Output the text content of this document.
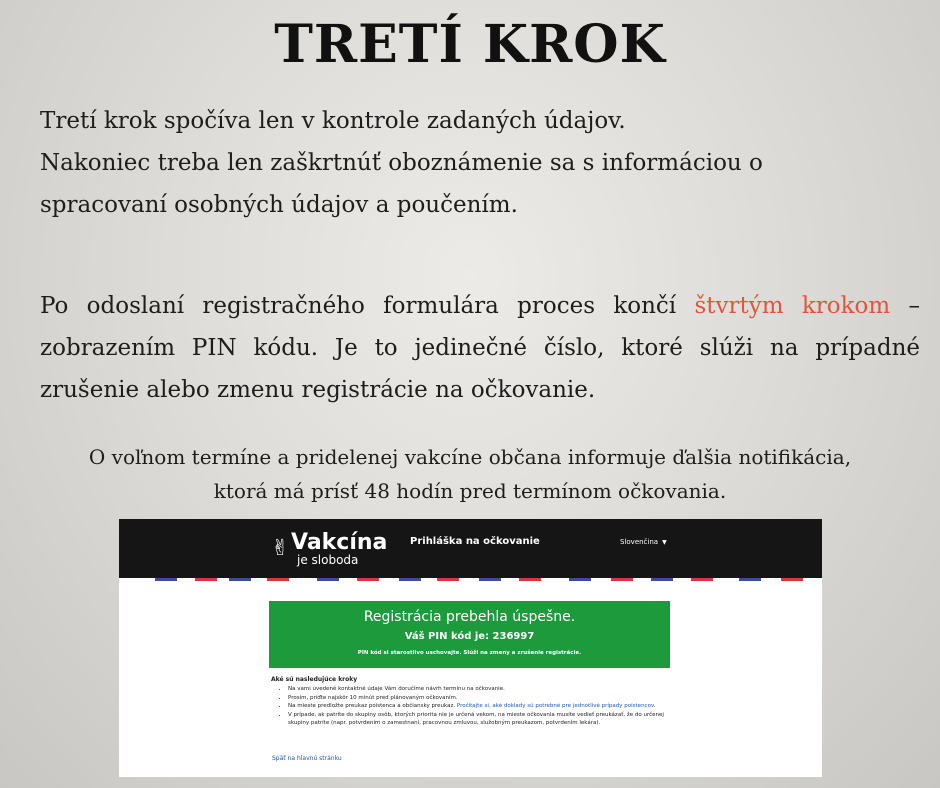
TRETÍ KROK
Tretí krok spočíva len v kontrole zadaných údajov.
Nakoniec treba len zaškrtnúť oboznámenie sa s informáciou o
spracovaní osobných údajov a poučením.
Po odoslaní registračného formulára proces končí štvrtým krokom – zobrazením PIN kódu. Je to jedinečné číslo, ktoré slúži na prípadné zrušenie alebo zmenu registrácie na očkovanie.
O voľnom termíne a pridelenej vakcíne občana informuje ďalšia notifikácia,
ktorá má prísť 48 hodín pred termínom očkovania.
✌ Vakcína
je sloboda
Prihláška na očkovanie	Slovenčina ▼
Registrácia prebehla úspešne.
Váš PIN kód je: 236997
PIN kód si starostlivo uschovajte. Slúži na zmeny a zrušenie registrácie.
Aké sú nasledujúce kroky
• Na vami uvedené kontaktné údaje Vám doručíme návrh termínu na očkovanie.
• Prosím, príďte najskôr 10 minút pred plánovaným očkovaním.
• Na mieste predložte preukaz poistenca a občiansky preukaz. Pročítajte si, aké doklady sú potrebné pre jednotlivé prípady poistencov.
• V prípade, ak patríte do skupiny osôb, ktorých priorita nie je určená vekom, na mieste očkovania musíte vedieť preukázať, že do určenej skupiny patríte (napr. potvrdením o zamestnaní, pracovnou zmluvou, služobným preukazom, potvrdením lekára).
Späť na hlavnú stránku
